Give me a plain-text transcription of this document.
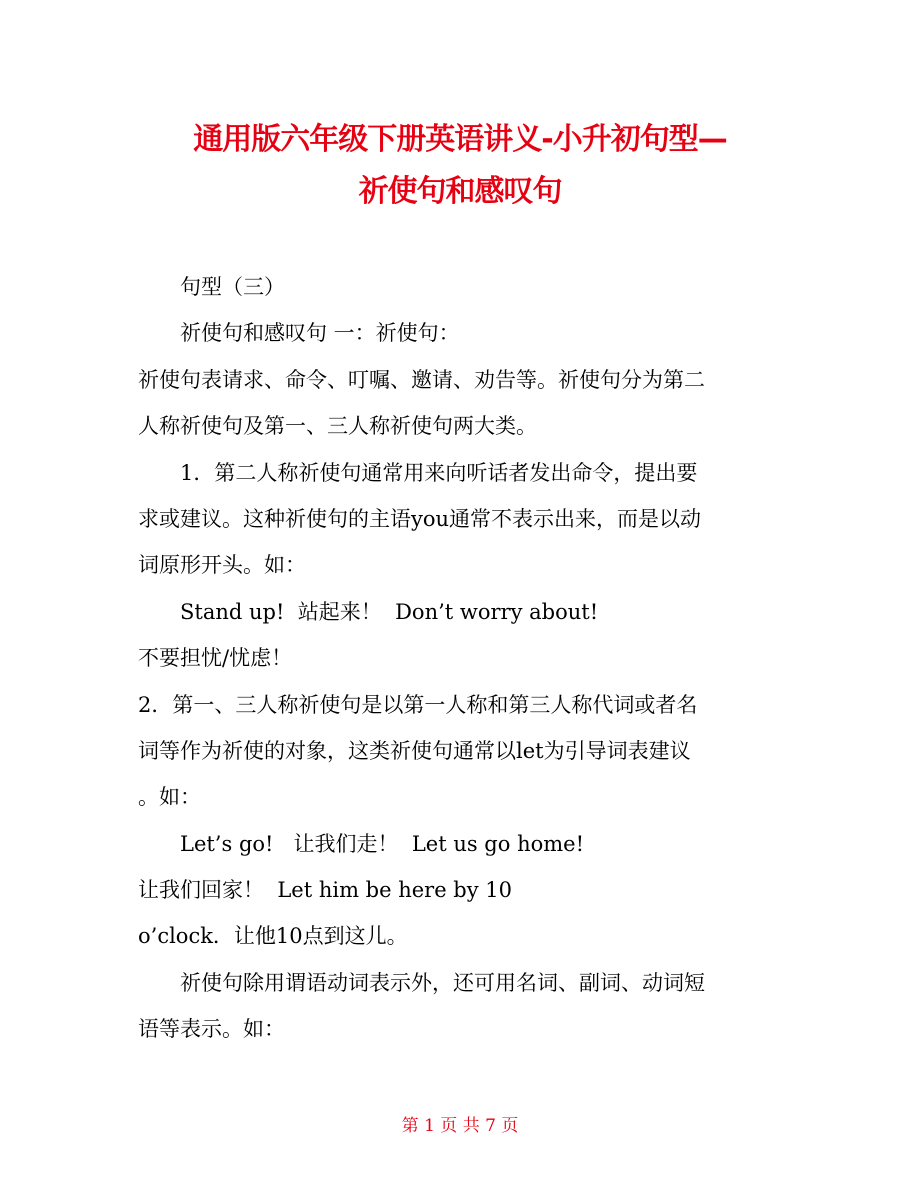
通用版六年级下册英语讲义-小升初句型—
祈使句和感叹句
句型（三）
祈使句和感叹句 一：祈使句：
祈使句表请求、命令、叮嘱、邀请、劝告等。祈使句分为第二
人称祈使句及第一、三人称祈使句两大类。
1．第二人称祈使句通常用来向听话者发出命令，提出要
求或建议。这种祈使句的主语you通常不表示出来，而是以动
词原形开头。如：
Stand up!  站起来！  Don’t worry about!
不要担忧/忧虑！
2．第一、三人称祈使句是以第一人称和第三人称代词或者名
词等作为祈使的对象，这类祈使句通常以let为引导词表建议
。如：
Let’s go!   让我们走！  Let us go home!
让我们回家！  Let him be here by 10
o’clock．让他10点到这儿。
祈使句除用谓语动词表示外，还可用名词、副词、动词短
语等表示。如：
第 1 页 共 7 页
